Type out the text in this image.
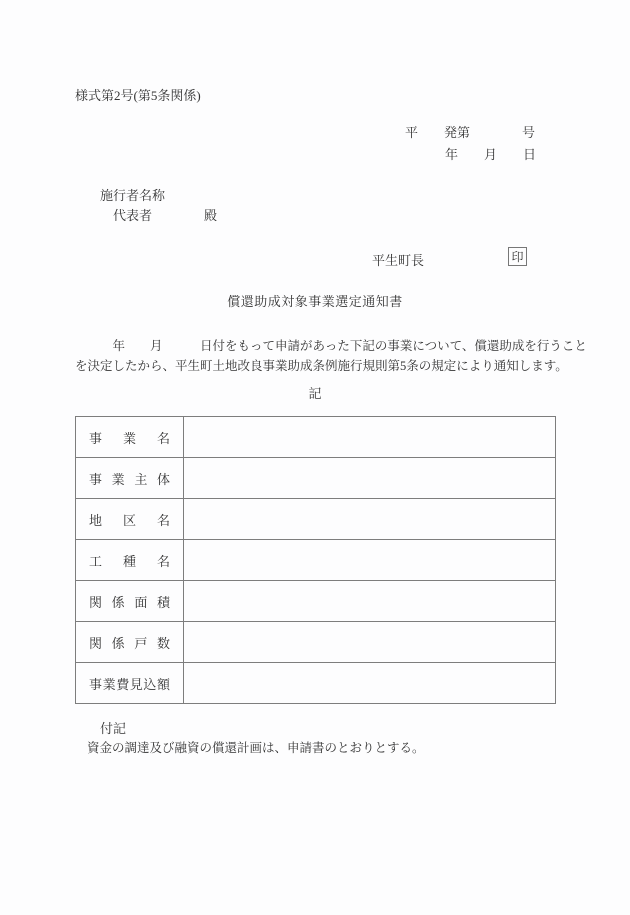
様式第2号(第5条関係)
平　　発第　　　　号
年　　月　　日
施行者名称
代表者　　　　殿
平生町長	印
償還助成対象事業選定通知書

　　　年　　月　　　日付をもって申請があった下記の事業について、償還助成を行うこと

を決定したから、平生町土地改良事業助成条例施行規則第5条の規定により通知します。

記
事業名	
事業主体	
地区名	
工種名	
関係面積	
関係戸数	
事業費見込額	
付記
資金の調達及び融資の償還計画は、申請書のとおりとする。
